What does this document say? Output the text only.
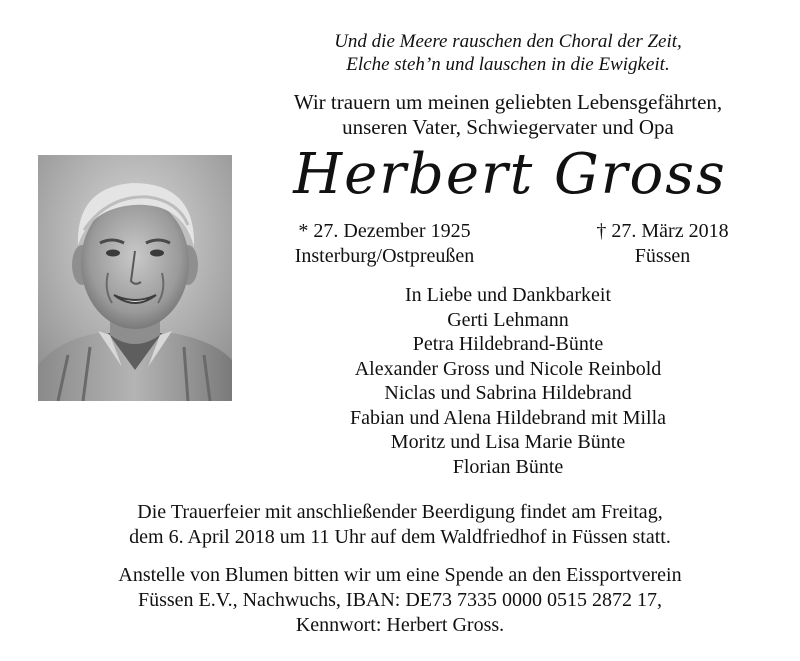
Und die Meere rauschen den Choral der Zeit,
Elche steh’n und lauschen in die Ewigkeit.
Wir trauern um meinen geliebten Lebensgefährten,
unseren Vater, Schwiegervater und Opa
Herbert Gross
* 27. Dezember 1925
Insterburg/Ostpreußen
† 27. März 2018
Füssen
In Liebe und Dankbarkeit
Gerti Lehmann
Petra Hildebrand-Bünte
Alexander Gross und Nicole Reinbold
Niclas und Sabrina Hildebrand
Fabian und Alena Hildebrand mit Milla
Moritz und Lisa Marie Bünte
Florian Bünte
Die Trauerfeier mit anschließender Beerdigung findet am Freitag,
dem 6. April 2018 um 11 Uhr auf dem Waldfriedhof in Füssen statt.
Anstelle von Blumen bitten wir um eine Spende an den Eissportverein
Füssen E.V., Nachwuchs, IBAN: DE73 7335 0000 0515 2872 17,
Kennwort: Herbert Gross.
